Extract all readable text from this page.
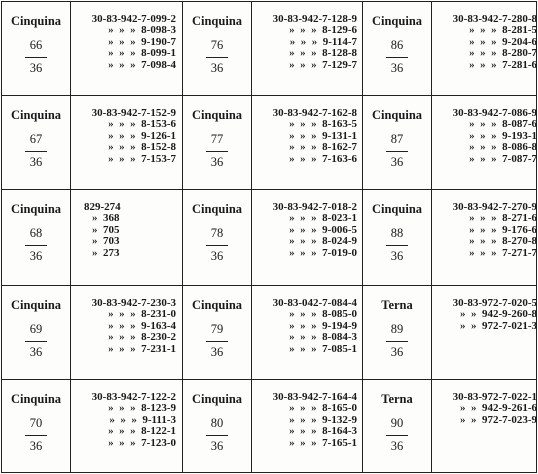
Cinquina
66
36
30-83-942-7-099-2
»  »  »  8-098-3
»  »  »  9-190-7
»  »  »  8-099-1
»  »  »  7-098-4
Cinquina
76
36
30-83-942-7-128-9
»  »  »  8-129-6
»  »  »  9-114-7
»  »  »  8-128-8
»  »  »  7-129-7
Cinquina
86
36
30-83-942-7-280-8
»  »  »  8-281-5
»  »  »  9-204-6
»  »  »  8-280-7
»  »  »  7-281-6
Cinquina
67
36
30-83-942-7-152-9
»  »  »  8-153-6
»  »  »  9-126-1
»  »  »  8-152-8
»  »  »  7-153-7
Cinquina
77
36
30-83-942-7-162-8
»  »  »  8-163-5
»  »  »  9-131-1
»  »  »  8-162-7
»  »  »  7-163-6
Cinquina
87
36
30-83-942-7-086-9
»  »  »  8-087-6
»  »  »  9-193-1
»  »  »  8-086-8
»  »  »  7-087-7
Cinquina
68
36
829-274
»  368
»  705
»  703
»  273
Cinquina
78
36
30-83-942-7-018-2
»  »  »  8-023-1
»  »  »  9-006-5
»  »  »  8-024-9
»  »  »  7-019-0
Cinquina
88
36
30-83-942-7-270-9
»  »  »  8-271-6
»  »  »  9-176-6
»  »  »  8-270-8
»  »  »  7-271-7
Cinquina
69
36
30-83-942-7-230-3
»  »  »  8-231-0
»  »  »  9-163-4
»  »  »  8-230-2
»  »  »  7-231-1
Cinquina
79
36
30-83-042-7-084-4
»  »  »  8-085-0
»  »  »  9-194-9
»  »  »  8-084-3
»  »  »  7-085-1
Terna
89
36
30-83-972-7-020-5
»  »  942-9-260-8
»  »  972-7-021-3
Cinquina
70
36
30-83-942-7-122-2
»  »  »  8-123-9
»  »  »  9-111-3
»  »  »  8-122-1
»  »  »  7-123-0
Cinquina
80
36
30-83-942-7-164-4
»  »  »  8-165-0
»  »  »  9-132-9
»  »  »  8-164-3
»  »  »  7-165-1
Terna
90
36
30-83-972-7-022-1
»  »  942-9-261-6
»  »  972-7-023-9
